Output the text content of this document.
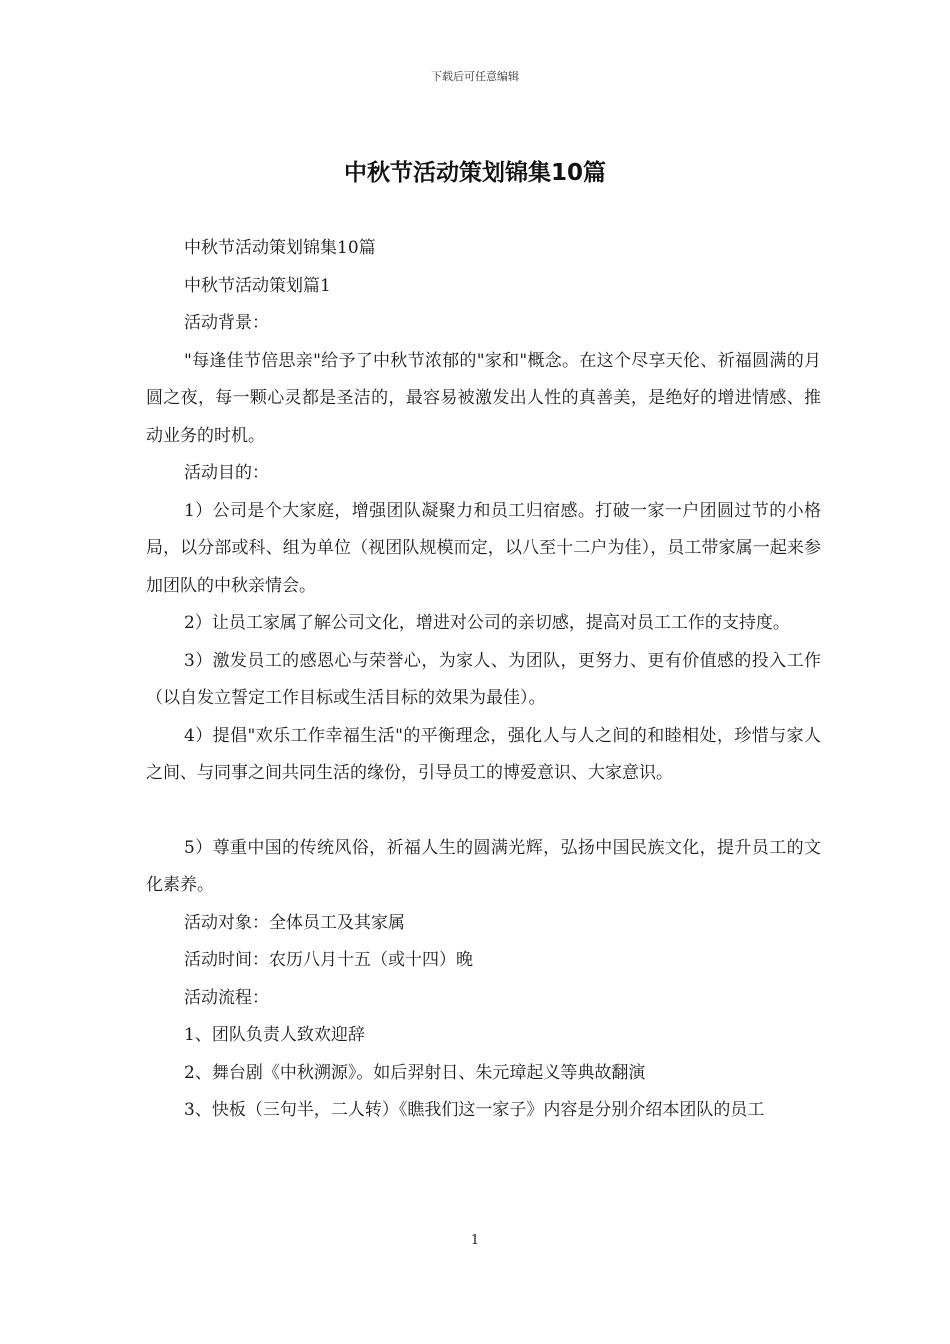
下载后可任意编辑
中秋节活动策划锦集10篇

中秋节活动策划锦集10篇

中秋节活动策划篇1

活动背景：

"每逢佳节倍思亲"给予了中秋节浓郁的"家和"概念。在这个尽享天伦、祈福圆满的月圆之夜，每一颗心灵都是圣洁的，最容易被激发出人性的真善美，是绝好的增进情感、推动业务的时机。

活动目的：

1）公司是个大家庭，增强团队凝聚力和员工归宿感。打破一家一户团圆过节的小格局，以分部或科、组为单位（视团队规模而定，以八至十二户为佳），员工带家属一起来参加团队的中秋亲情会。

2）让员工家属了解公司文化，增进对公司的亲切感，提高对员工工作的支持度。

3）激发员工的感恩心与荣誉心，为家人、为团队，更努力、更有价值感的投入工作（以自发立誓定工作目标或生活目标的效果为最佳）。

4）提倡"欢乐工作幸福生活"的平衡理念，强化人与人之间的和睦相处，珍惜与家人之间、与同事之间共同生活的缘份，引导员工的博爱意识、大家意识。

5）尊重中国的传统风俗，祈福人生的圆满光辉，弘扬中国民族文化，提升员工的文化素养。

活动对象：全体员工及其家属

活动时间：农历八月十五（或十四）晚

活动流程：

1、团队负责人致欢迎辞

2、舞台剧《中秋溯源》。如后羿射日、朱元璋起义等典故翻演

3、快板（三句半，二人转）《瞧我们这一家子》内容是分别介绍本团队的员工

1
